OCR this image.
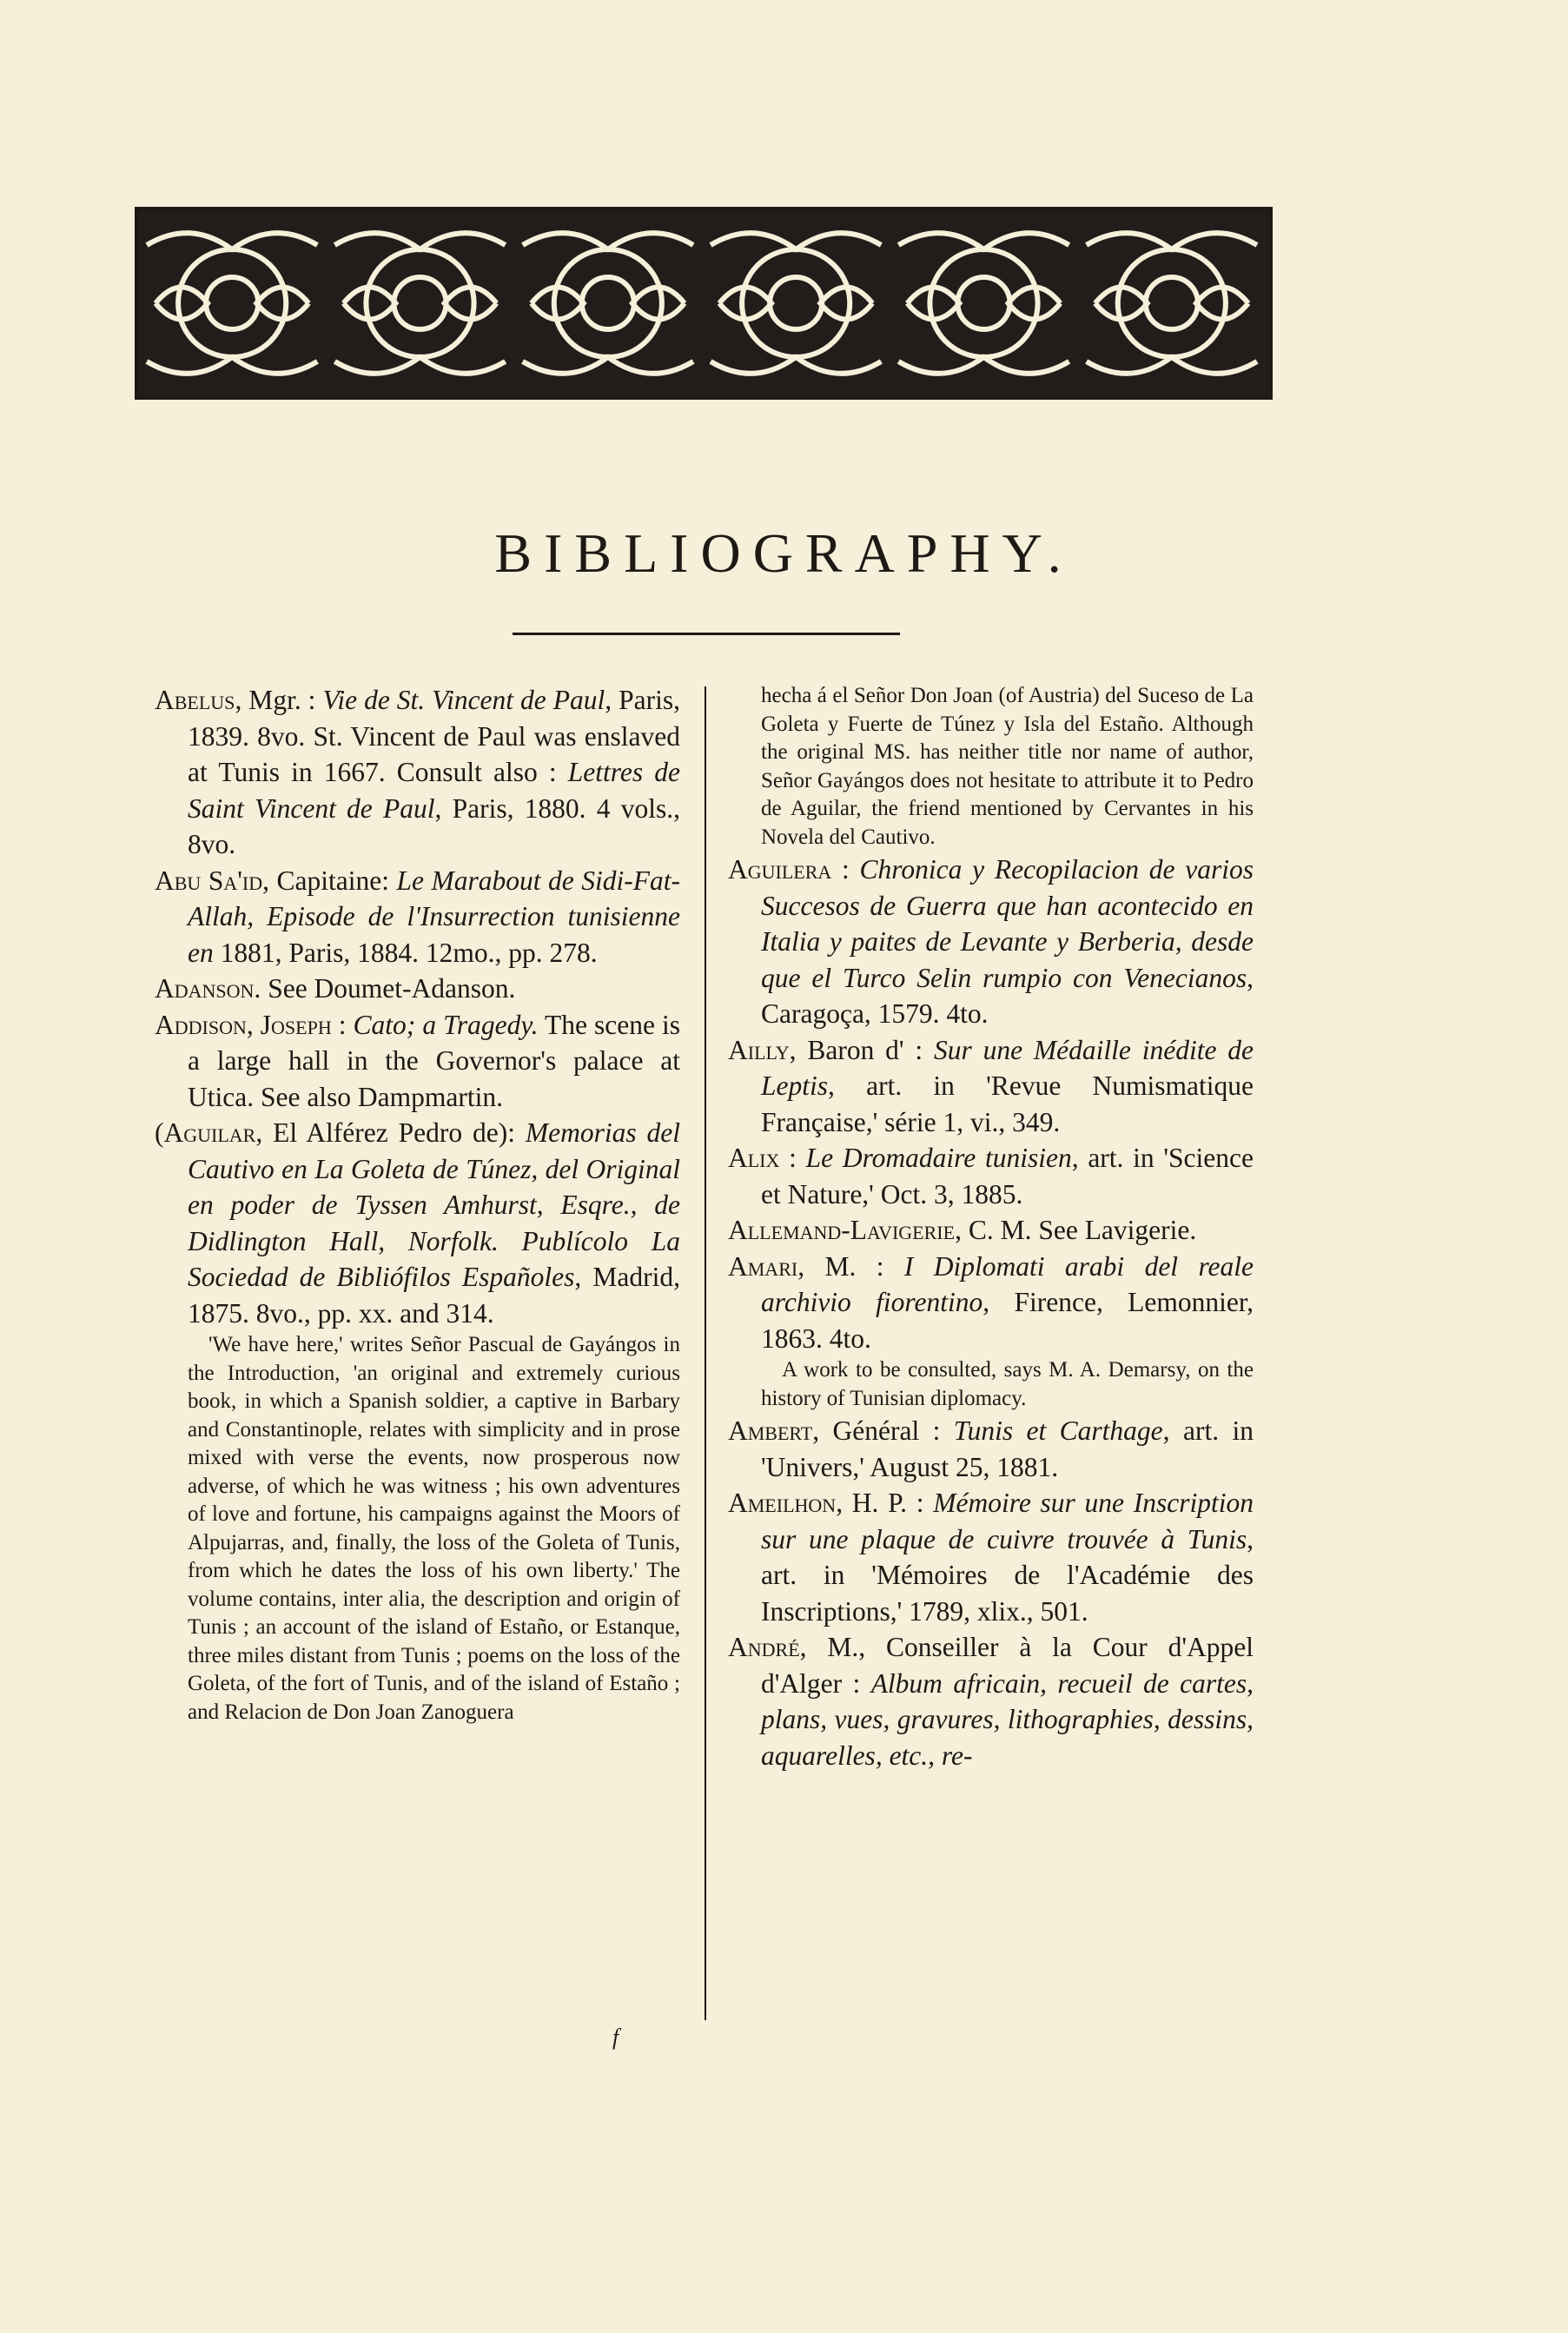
BIBLIOGRAPHY.

Abelus, Mgr. : Vie de St. Vincent de Paul, Paris, 1839. 8vo. St. Vincent de Paul was enslaved at Tunis in 1667. Consult also : Lettres de Saint Vincent de Paul, Paris, 1880. 4 vols., 8vo.

Abu Sa'id, Capitaine: Le Marabout de Sidi-Fat-Allah, Episode de l'Insurrection tunisienne en 1881, Paris, 1884. 12mo., pp. 278.

Adanson. See Doumet-Adanson.

Addison, Joseph : Cato; a Tragedy. The scene is a large hall in the Governor's palace at Utica. See also Dampmartin.

(Aguilar, El Alférez Pedro de): Memorias del Cautivo en La Goleta de Túnez, del Original en poder de Tyssen Amhurst, Esqre., de Didlington Hall, Norfolk. Publícolo La Sociedad de Bibliófilos Españoles, Madrid, 1875. 8vo., pp. xx. and 314.

'We have here,' writes Señor Pascual de Gayángos in the Introduction, 'an original and extremely curious book, in which a Spanish soldier, a captive in Barbary and Constantinople, relates with simplicity and in prose mixed with verse the events, now prosperous now adverse, of which he was witness ; his own adventures of love and fortune, his campaigns against the Moors of Alpujarras, and, finally, the loss of the Goleta of Tunis, from which he dates the loss of his own liberty.' The volume contains, inter alia, the description and origin of Tunis ; an account of the island of Estaño, or Estanque, three miles distant from Tunis ; poems on the loss of the Goleta, of the fort of Tunis, and of the island of Estaño ; and Relacion de Don Joan Zanoguera

hecha á el Señor Don Joan (of Austria) del Suceso de La Goleta y Fuerte de Túnez y Isla del Estaño. Although the original MS. has neither title nor name of author, Señor Gayángos does not hesitate to attribute it to Pedro de Aguilar, the friend mentioned by Cervantes in his Novela del Cautivo.

Aguilera : Chronica y Recopilacion de varios Succesos de Guerra que han acontecido en Italia y paites de Levante y Berberia, desde que el Turco Selin rumpio con Venecianos, Caragoça, 1579. 4to.

Ailly, Baron d' : Sur une Médaille inédite de Leptis, art. in 'Revue Numismatique Française,' série 1, vi., 349.

Alix : Le Dromadaire tunisien, art. in 'Science et Nature,' Oct. 3, 1885.

Allemand-Lavigerie, C. M. See Lavigerie.

Amari, M. : I Diplomati arabi del reale archivio fiorentino, Firence, Lemonnier, 1863. 4to.

A work to be consulted, says M. A. Demarsy, on the history of Tunisian diplomacy.

Ambert, Général : Tunis et Carthage, art. in 'Univers,' August 25, 1881.

Ameilhon, H. P. : Mémoire sur une Inscription sur une plaque de cuivre trouvée à Tunis, art. in 'Mémoires de l'Académie des Inscriptions,' 1789, xlix., 501.

André, M., Conseiller à la Cour d'Appel d'Alger : Album africain, recueil de cartes, plans, vues, gravures, lithographies, dessins, aquarelles, etc., re-

f
